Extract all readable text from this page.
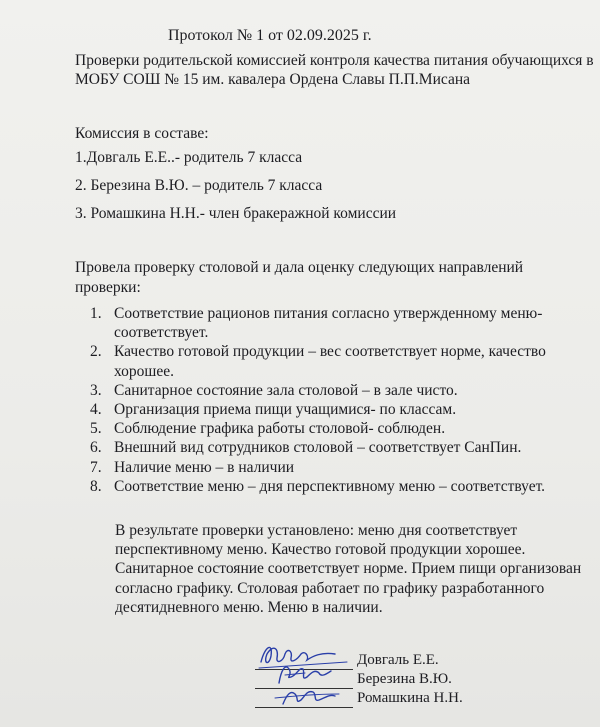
Протокол № 1 от 02.09.2025 г.
Проверки родительской комиссией контроля качества питания обучающихся в МОБУ СОШ № 15 им. кавалера Ордена Славы П.П.Мисана
Комиссия в составе:
1.Довгаль Е.Е..- родитель 7 класса
2. Березина В.Ю. – родитель 7 класса
3. Ромашкина Н.Н.- член бракеражной комиссии
Провела проверку столовой и дала оценку следующих направлений проверки:
1. Соответствие рационов питания согласно утвержденному меню- соответствует.
2. Качество готовой продукции – вес соответствует норме, качество хорошее.
3. Санитарное состояние зала столовой – в зале чисто.
4. Организация приема пищи учащимися- по классам.
5. Соблюдение графика работы столовой- соблюден.
6. Внешний вид сотрудников столовой – соответствует СанПин.
7. Наличие меню – в наличии
8. Соответствие меню – дня перспективному меню – соответствует.
В результате проверки установлено: меню дня соответствует перспективному меню. Качество готовой продукции хорошее. Санитарное состояние соответствует норме. Прием пищи организован согласно графику. Столовая работает по графику разработанного десятидневного меню. Меню в наличии.
Довгаль Е.Е.
Березина В.Ю.
Ромашкина Н.Н.
